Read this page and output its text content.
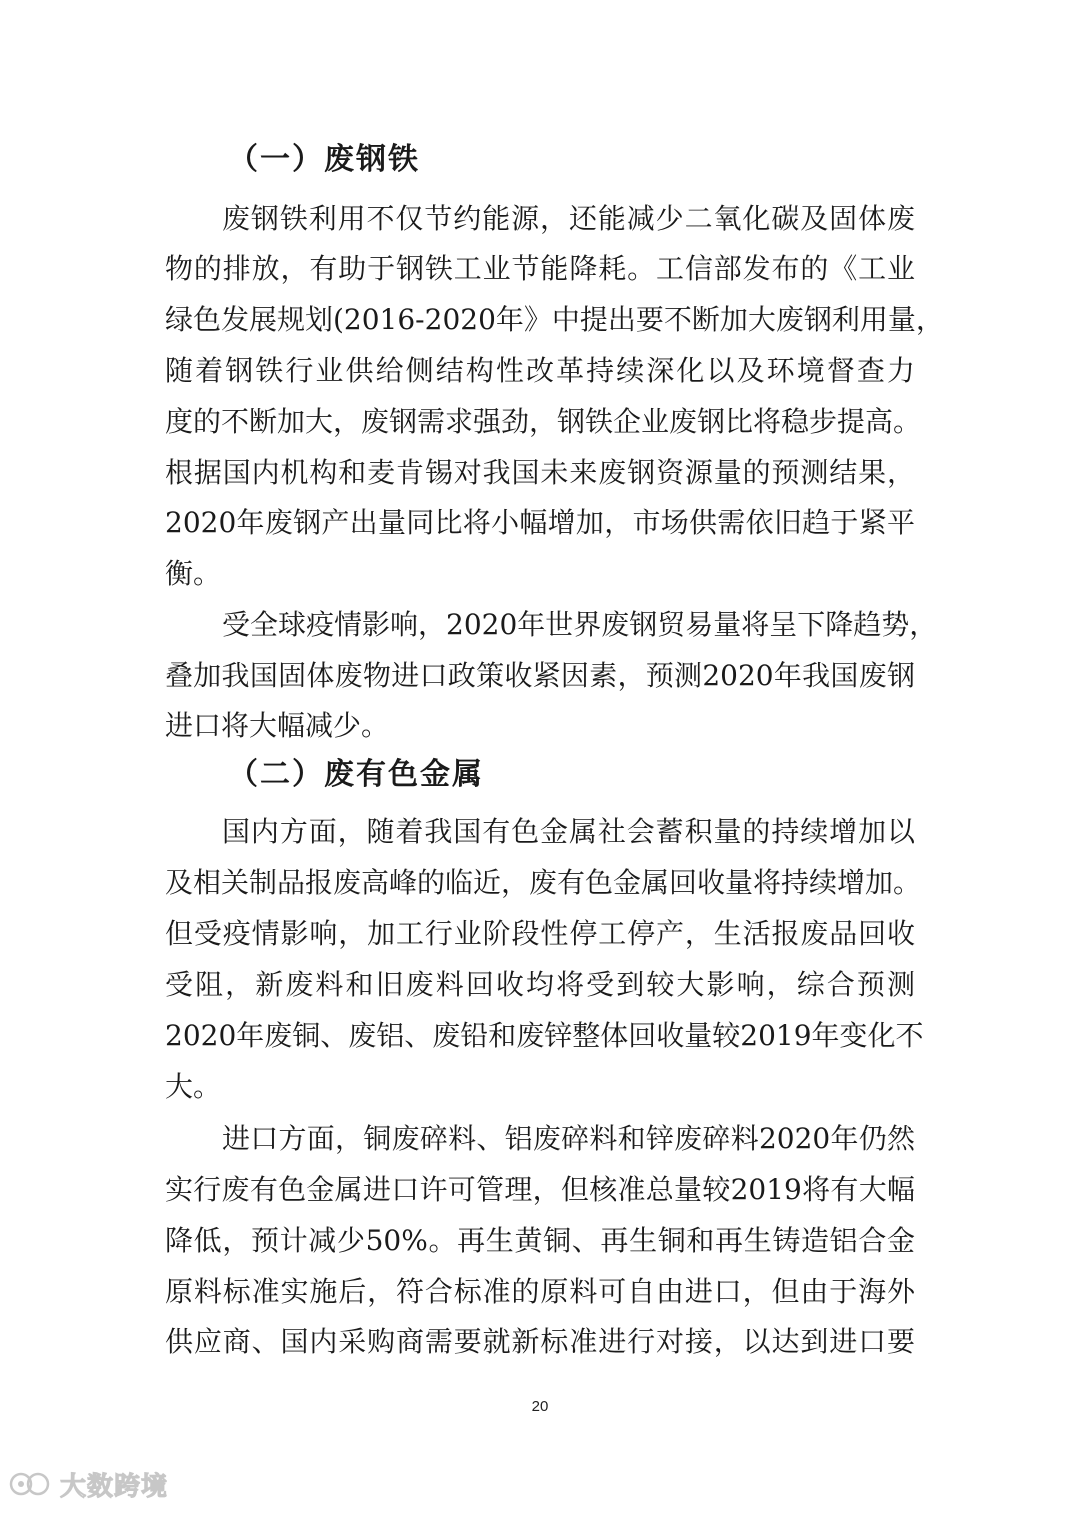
（一）废钢铁
废钢铁利用不仅节约能源，还能减少二氧化碳及固体废
物的排放，有助于钢铁工业节能降耗。工信部发布的《工业
绿色发展规划(2016-2020年》中提出要不断加大废钢利用量，
随着钢铁行业供给侧结构性改革持续深化以及环境督查力
度的不断加大，废钢需求强劲，钢铁企业废钢比将稳步提高。
根据国内机构和麦肯锡对我国未来废钢资源量的预测结果，
2020年废钢产出量同比将小幅增加，市场供需依旧趋于紧平
衡。
受全球疫情影响，2020年世界废钢贸易量将呈下降趋势，
叠加我国固体废物进口政策收紧因素，预测2020年我国废钢
进口将大幅减少。
（二）废有色金属
国内方面，随着我国有色金属社会蓄积量的持续增加以
及相关制品报废高峰的临近，废有色金属回收量将持续增加。
但受疫情影响，加工行业阶段性停工停产，生活报废品回收
受阻，新废料和旧废料回收均将受到较大影响，综合预测
2020年废铜、废铝、废铅和废锌整体回收量较2019年变化不
大。
进口方面，铜废碎料、铝废碎料和锌废碎料2020年仍然
实行废有色金属进口许可管理，但核准总量较2019将有大幅
降低，预计减少50%。再生黄铜、再生铜和再生铸造铝合金
原料标准实施后，符合标准的原料可自由进口，但由于海外
供应商、国内采购商需要就新标准进行对接，以达到进口要
20
大数跨境
